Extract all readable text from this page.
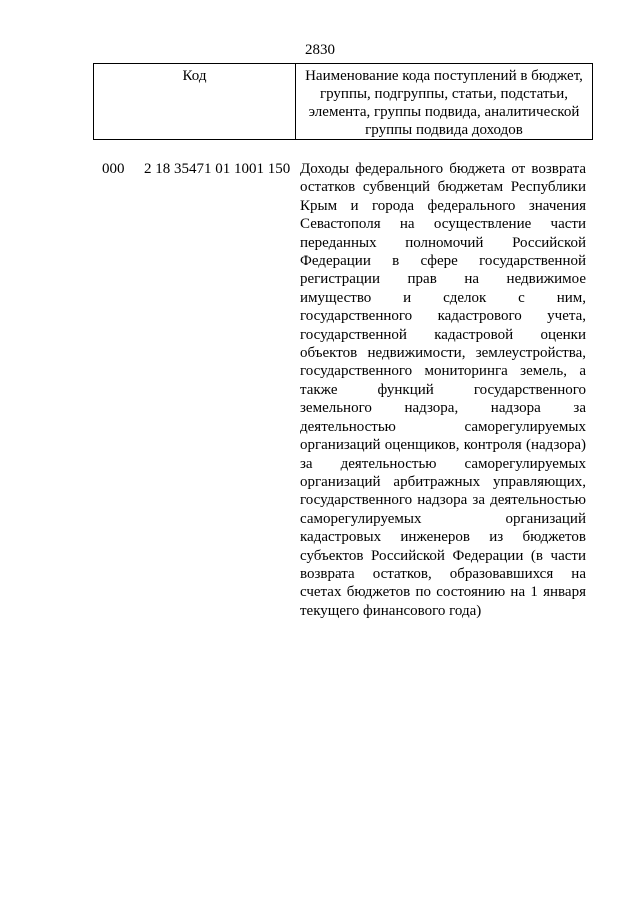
2830
Код	Наименование кода поступлений в бюджет, группы, подгруппы, статьи, подстатьи, элемента, группы подвида, аналитической группы подвида доходов
000 2 18 35471 01 1001 150 Доходы федерального бюджета от возврата остатков субвенций бюджетам Республики Крым и города федерального значения Севастополя на осуществление части переданных полномочий Российской Федерации в сфере государственной регистрации прав на недвижимое имущество и сделок с ним, государственного кадастрового учета, государственной кадастровой оценки объектов недвижимости, землеустройства, государственного мониторинга земель, а также функций государственного земельного надзора, надзора за деятельностью саморегулируемых организаций оценщиков, контроля (надзора) за деятельностью саморегулируемых организаций арбитражных управляющих, государственного надзора за деятельностью саморегулируемых организаций кадастровых инженеров из бюджетов субъектов Российской Федерации (в части возврата остатков, образовавшихся на счетах бюджетов по состоянию на 1 января текущего финансового года)
